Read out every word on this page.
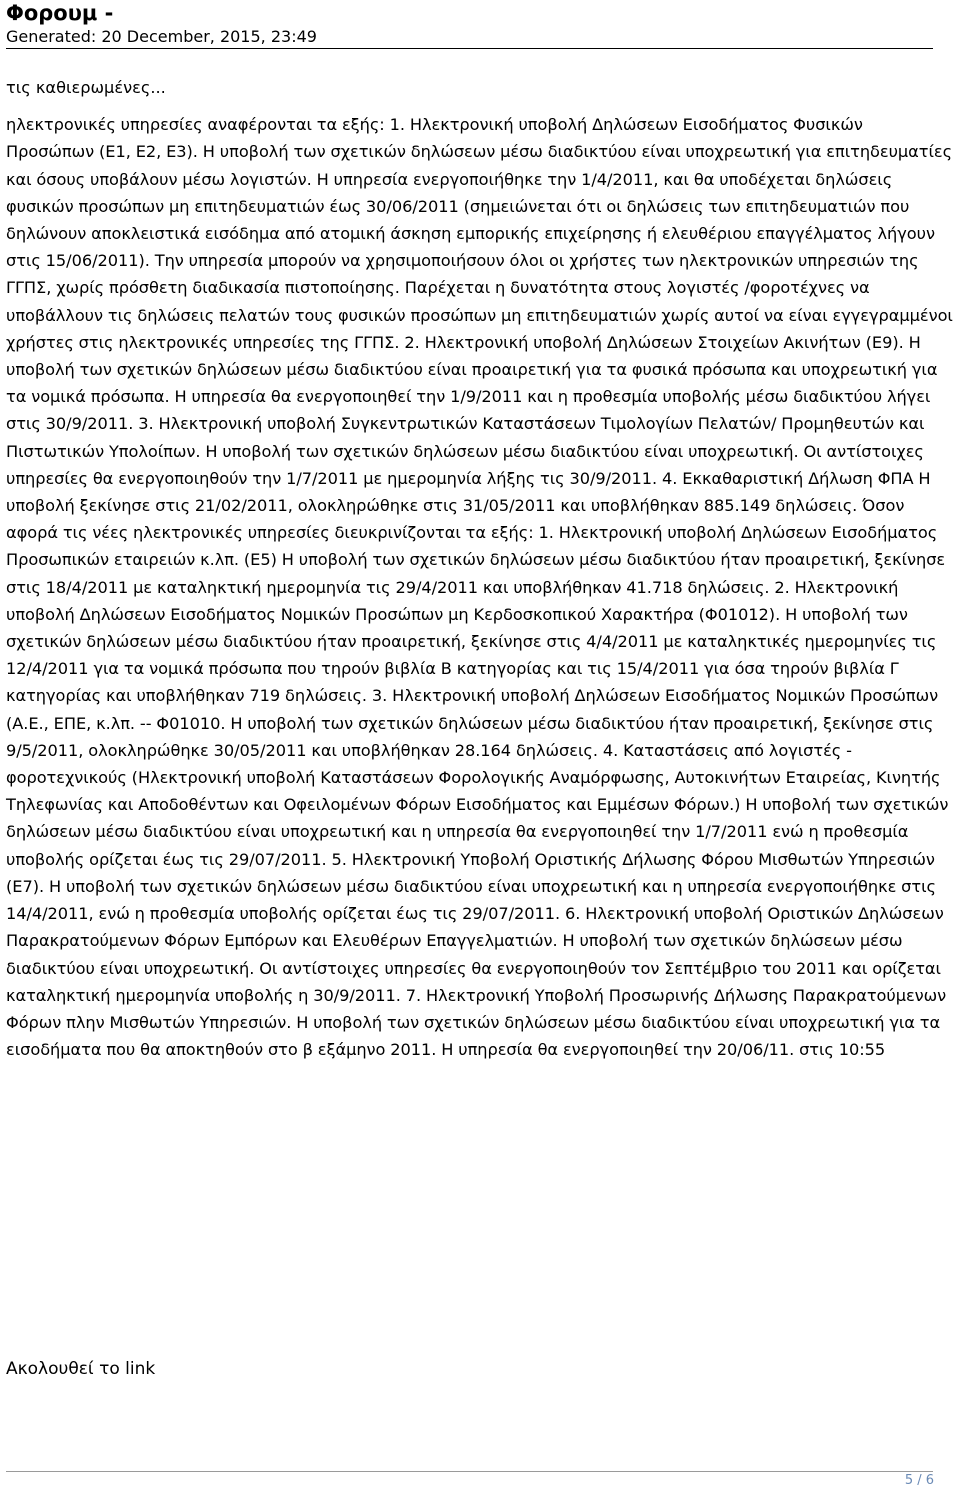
Φορουμ -
Generated: 20 December, 2015, 23:49

τις καθιερωμένες...

ηλεκτρονικές υπηρεσίες αναφέρονται τα εξής: 1. Ηλεκτρονική υποβολή Δηλώσεων Εισοδήματος Φυσικών Προσώπων (Ε1, Ε2, Ε3). Η υποβολή των σχετικών δηλώσεων μέσω διαδικτύου είναι υποχρεωτική για επιτηδευματίες και όσους υποβάλουν μέσω λογιστών. Η υπηρεσία ενεργοποιήθηκε την 1/4/2011, και θα υποδέχεται δηλώσεις φυσικών προσώπων μη επιτηδευματιών έως 30/06/2011 (σημειώνεται ότι οι δηλώσεις των επιτηδευματιών που δηλώνουν αποκλειστικά εισόδημα από ατομική άσκηση εμπορικής επιχείρησης ή ελευθέριου επαγγέλματος λήγουν στις 15/06/2011). Την υπηρεσία μπορούν να χρησιμοποιήσουν όλοι οι χρήστες των ηλεκτρονικών υπηρεσιών της ΓΓΠΣ, χωρίς πρόσθετη διαδικασία πιστοποίησης. Παρέχεται η δυνατότητα στους λογιστές /φοροτέχνες να υποβάλλουν τις δηλώσεις πελατών τους φυσικών προσώπων μη επιτηδευματιών χωρίς αυτοί να είναι εγγεγραμμένοι χρήστες στις ηλεκτρονικές υπηρεσίες της ΓΓΠΣ. 2. Ηλεκτρονική υποβολή Δηλώσεων Στοιχείων Ακινήτων (Ε9). Η υποβολή των σχετικών δηλώσεων μέσω διαδικτύου είναι προαιρετική για τα φυσικά πρόσωπα και υποχρεωτική για τα νομικά πρόσωπα. Η υπηρεσία θα ενεργοποιηθεί την 1/9/2011 και η προθεσμία υποβολής μέσω διαδικτύου λήγει στις 30/9/2011. 3. Ηλεκτρονική υποβολή Συγκεντρωτικών Καταστάσεων Τιμολογίων Πελατών/ Προμηθευτών και Πιστωτικών Υπολοίπων. Η υποβολή των σχετικών δηλώσεων μέσω διαδικτύου είναι υποχρεωτική. Οι αντίστοιχες υπηρεσίες θα ενεργοποιηθούν την 1/7/2011 με ημερομηνία λήξης τις 30/9/2011. 4. Εκκαθαριστική Δήλωση ΦΠΑ Η υποβολή ξεκίνησε στις 21/02/2011, ολοκληρώθηκε στις 31/05/2011 και υποβλήθηκαν 885.149 δηλώσεις. Όσον αφορά τις νέες ηλεκτρονικές υπηρεσίες διευκρινίζονται τα εξής: 1. Ηλεκτρονική υποβολή Δηλώσεων Εισοδήματος Προσωπικών εταιρειών κ.λπ. (Ε5) Η υποβολή των σχετικών δηλώσεων μέσω διαδικτύου ήταν προαιρετική, ξεκίνησε στις 18/4/2011 με καταληκτική ημερομηνία τις 29/4/2011 και υποβλήθηκαν 41.718 δηλώσεις. 2. Ηλεκτρονική υποβολή Δηλώσεων Εισοδήματος Νομικών Προσώπων μη Κερδοσκοπικού Χαρακτήρα (Φ01012). Η υποβολή των σχετικών δηλώσεων μέσω διαδικτύου ήταν προαιρετική, ξεκίνησε στις 4/4/2011 με καταληκτικές ημερομηνίες τις 12/4/2011 για τα νομικά πρόσωπα που τηρούν βιβλία Β κατηγορίας και τις 15/4/2011 για όσα τηρούν βιβλία Γ κατηγορίας και υποβλήθηκαν 719 δηλώσεις. 3. Ηλεκτρονική υποβολή Δηλώσεων Εισοδήματος Νομικών Προσώπων (Α.Ε., ΕΠΕ, κ.λπ. -- Φ01010. Η υποβολή των σχετικών δηλώσεων μέσω διαδικτύου ήταν προαιρετική, ξεκίνησε στις 9/5/2011, ολοκληρώθηκε 30/05/2011 και υποβλήθηκαν 28.164 δηλώσεις. 4. Καταστάσεις από λογιστές - φοροτεχνικούς (Ηλεκτρονική υποβολή Καταστάσεων Φορολογικής Αναμόρφωσης, Αυτοκινήτων Εταιρείας, Κινητής Τηλεφωνίας και Αποδοθέντων και Οφειλομένων Φόρων Εισοδήματος και Εμμέσων Φόρων.) Η υποβολή των σχετικών δηλώσεων μέσω διαδικτύου είναι υποχρεωτική και η υπηρεσία θα ενεργοποιηθεί την 1/7/2011 ενώ η προθεσμία υποβολής ορίζεται έως τις 29/07/2011. 5. Ηλεκτρονική Υποβολή Οριστικής Δήλωσης Φόρου Μισθωτών Υπηρεσιών (Ε7). Η υποβολή των σχετικών δηλώσεων μέσω διαδικτύου είναι υποχρεωτική και η υπηρεσία ενεργοποιήθηκε στις 14/4/2011, ενώ η προθεσμία υποβολής ορίζεται έως τις 29/07/2011. 6. Ηλεκτρονική υποβολή Οριστικών Δηλώσεων Παρακρατούμενων Φόρων Εμπόρων και Ελευθέρων Επαγγελματιών. Η υποβολή των σχετικών δηλώσεων μέσω διαδικτύου είναι υποχρεωτική. Οι αντίστοιχες υπηρεσίες θα ενεργοποιηθούν τον Σεπτέμβριο του 2011 και ορίζεται καταληκτική ημερομηνία υποβολής η 30/9/2011. 7. Ηλεκτρονική Υποβολή Προσωρινής Δήλωσης Παρακρατούμενων Φόρων πλην Μισθωτών Υπηρεσιών. Η υποβολή των σχετικών δηλώσεων μέσω διαδικτύου είναι υποχρεωτική για τα εισοδήματα που θα αποκτηθούν στο β εξάμηνο 2011. Η υπηρεσία θα ενεργοποιηθεί την 20/06/11. στις 10:55

Ακολουθεί το link
5 / 6
